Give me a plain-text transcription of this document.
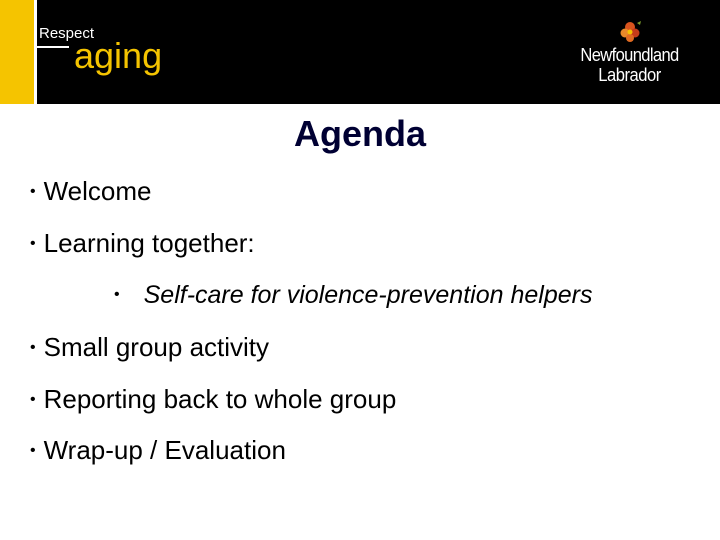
Respect
aging	Newfoundland
Labrador
Agenda
• Welcome
• Learning together:
• Self-care for violence-prevention helpers
• Small group activity
• Reporting back to whole group
• Wrap-up / Evaluation
